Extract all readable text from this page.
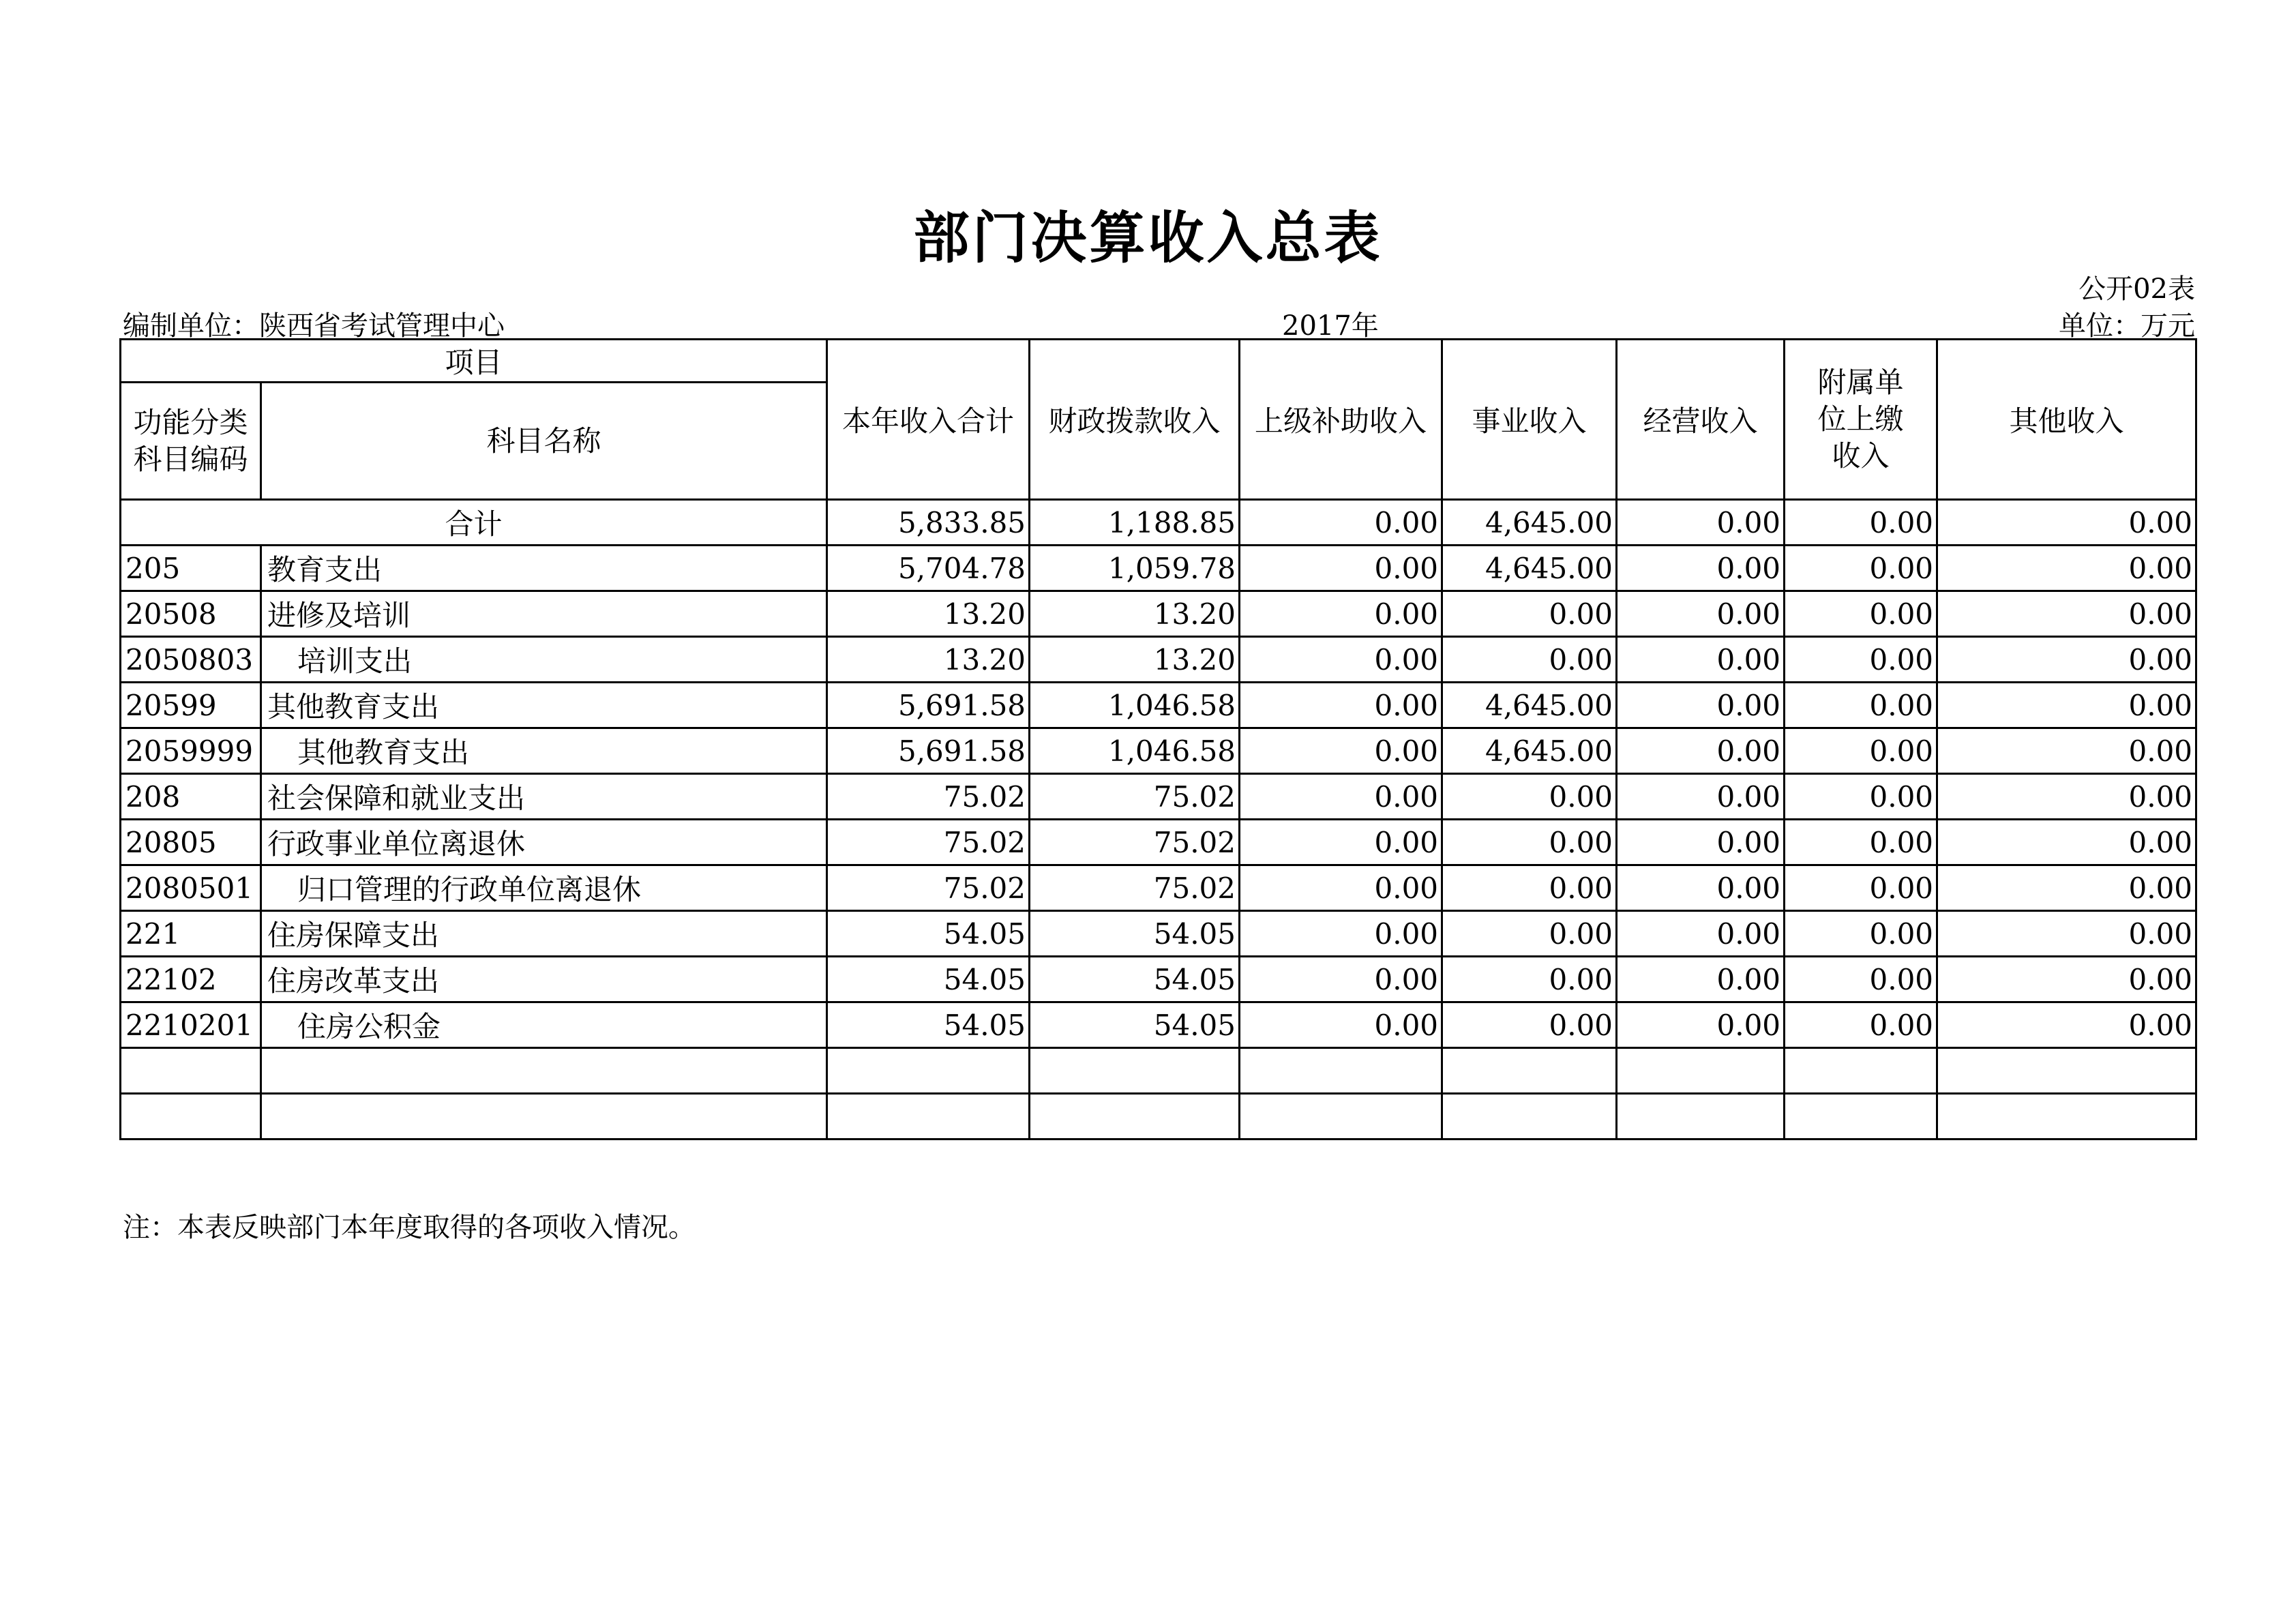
部门决算收入总表
公开02表
编制单位：陕西省考试管理中心	2017年	单位：万元
项目		本年收入合计	财政拨款收入	上级补助收入	事业收入	经营收入	附属单位上缴收入	其他收入
功能分类科目编码	科目名称							
合计		5,833.85	1,188.85	0.00	4,645.00	0.00	0.00	0.00
205	教育支出	5,704.78	1,059.78	0.00	4,645.00	0.00	0.00	0.00
20508	进修及培训	13.20	13.20	0.00	0.00	0.00	0.00	0.00
2050803	培训支出	13.20	13.20	0.00	0.00	0.00	0.00	0.00
20599	其他教育支出	5,691.58	1,046.58	0.00	4,645.00	0.00	0.00	0.00
2059999	其他教育支出	5,691.58	1,046.58	0.00	4,645.00	0.00	0.00	0.00
208	社会保障和就业支出	75.02	75.02	0.00	0.00	0.00	0.00	0.00
20805	行政事业单位离退休	75.02	75.02	0.00	0.00	0.00	0.00	0.00
2080501	归口管理的行政单位离退休	75.02	75.02	0.00	0.00	0.00	0.00	0.00
221	住房保障支出	54.05	54.05	0.00	0.00	0.00	0.00	0.00
22102	住房改革支出	54.05	54.05	0.00	0.00	0.00	0.00	0.00
2210201	住房公积金	54.05	54.05	0.00	0.00	0.00	0.00	0.00

注：本表反映部门本年度取得的各项收入情况。
